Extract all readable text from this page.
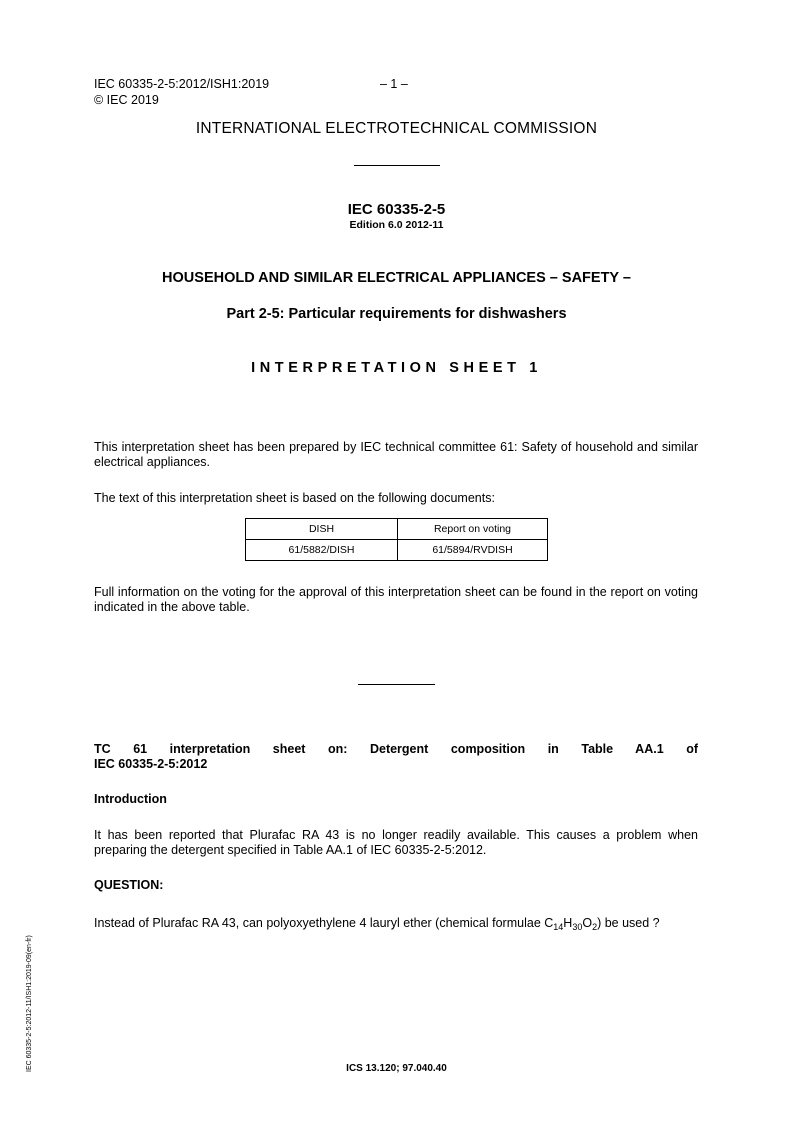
IEC 60335-2-5:2012/ISH1:2019	– 1 –
© IEC 2019
INTERNATIONAL ELECTROTECHNICAL COMMISSION
IEC 60335-2-5
Edition 6.0 2012-11
HOUSEHOLD AND SIMILAR ELECTRICAL APPLIANCES – SAFETY –
Part 2-5: Particular requirements for dishwashers
INTERPRETATION SHEET 1
This interpretation sheet has been prepared by IEC technical committee 61: Safety of household and similar electrical appliances.
The text of this interpretation sheet is based on the following documents:
DISH	Report on voting
61/5882/DISH	61/5894/RVDISH
Full information on the voting for the approval of this interpretation sheet can be found in the report on voting indicated in the above table.
TC 61 interpretation sheet on: Detergent composition in Table AA.1 of
IEC 60335-2-5:2012
Introduction
It has been reported that Plurafac RA 43 is no longer readily available. This causes a problem when preparing the detergent specified in Table AA.1 of IEC 60335-2-5:2012.
QUESTION:
Instead of Plurafac RA 43, can polyoxyethylene 4 lauryl ether (chemical formulae $C_{14}H_{30}O_2$) be used ?
IEC 60335-2-5:2012-11/ISH1:2019-09(en-fr)	ICS 13.120; 97.040.40
